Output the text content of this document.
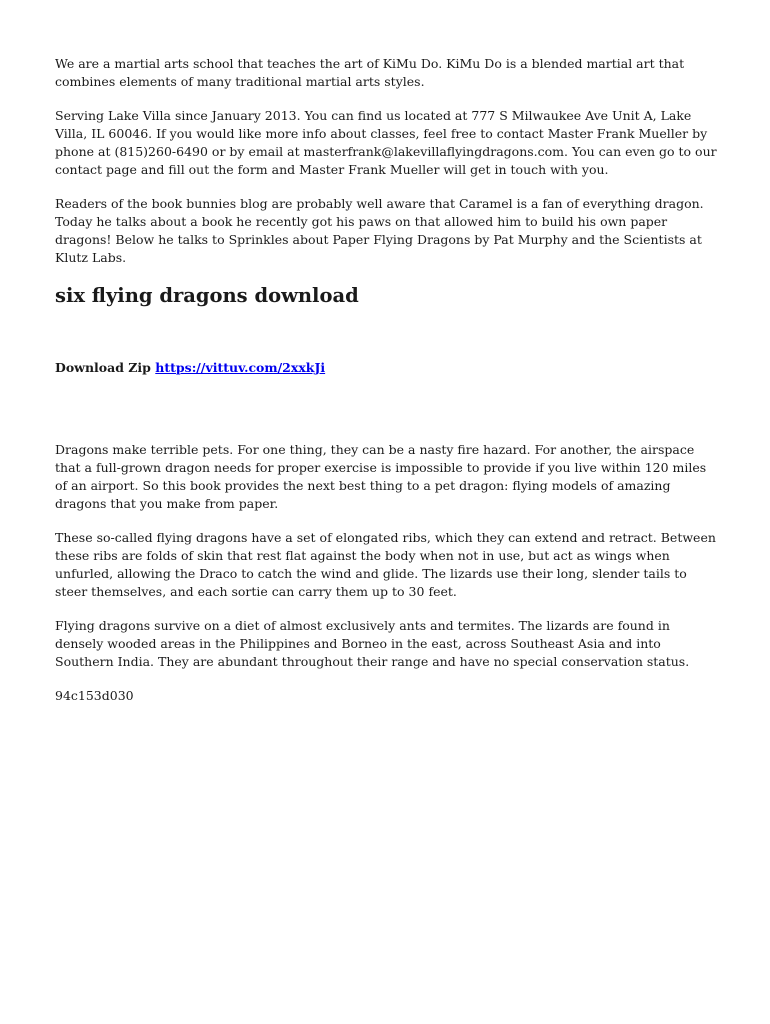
We are a martial arts school that teaches the art of KiMu Do. KiMu Do is a blended martial art that combines elements of many traditional martial arts styles.

Serving Lake Villa since January 2013. You can find us located at 777 S Milwaukee Ave Unit A, Lake Villa, IL 60046. If you would like more info about classes, feel free to contact Master Frank Mueller by phone at (815)260-6490 or by email at masterfrank@lakevillaflyingdragons.com. You can even go to our contact page and fill out the form and Master Frank Mueller will get in touch with you.

Readers of the book bunnies blog are probably well aware that Caramel is a fan of everything dragon. Today he talks about a book he recently got his paws on that allowed him to build his own paper dragons! Below he talks to Sprinkles about Paper Flying Dragons by Pat Murphy and the Scientists at Klutz Labs.

six flying dragons download

Download Zip https://vittuv.com/2xxkJi

Dragons make terrible pets. For one thing, they can be a nasty fire hazard. For another, the airspace that a full-grown dragon needs for proper exercise is impossible to provide if you live within 120 miles of an airport. So this book provides the next best thing to a pet dragon: flying models of amazing dragons that you make from paper.

These so-called flying dragons have a set of elongated ribs, which they can extend and retract. Between these ribs are folds of skin that rest flat against the body when not in use, but act as wings when unfurled, allowing the Draco to catch the wind and glide. The lizards use their long, slender tails to steer themselves, and each sortie can carry them up to 30 feet.

Flying dragons survive on a diet of almost exclusively ants and termites. The lizards are found in densely wooded areas in the Philippines and Borneo in the east, across Southeast Asia and into Southern India. They are abundant throughout their range and have no special conservation status.

94c153d030
